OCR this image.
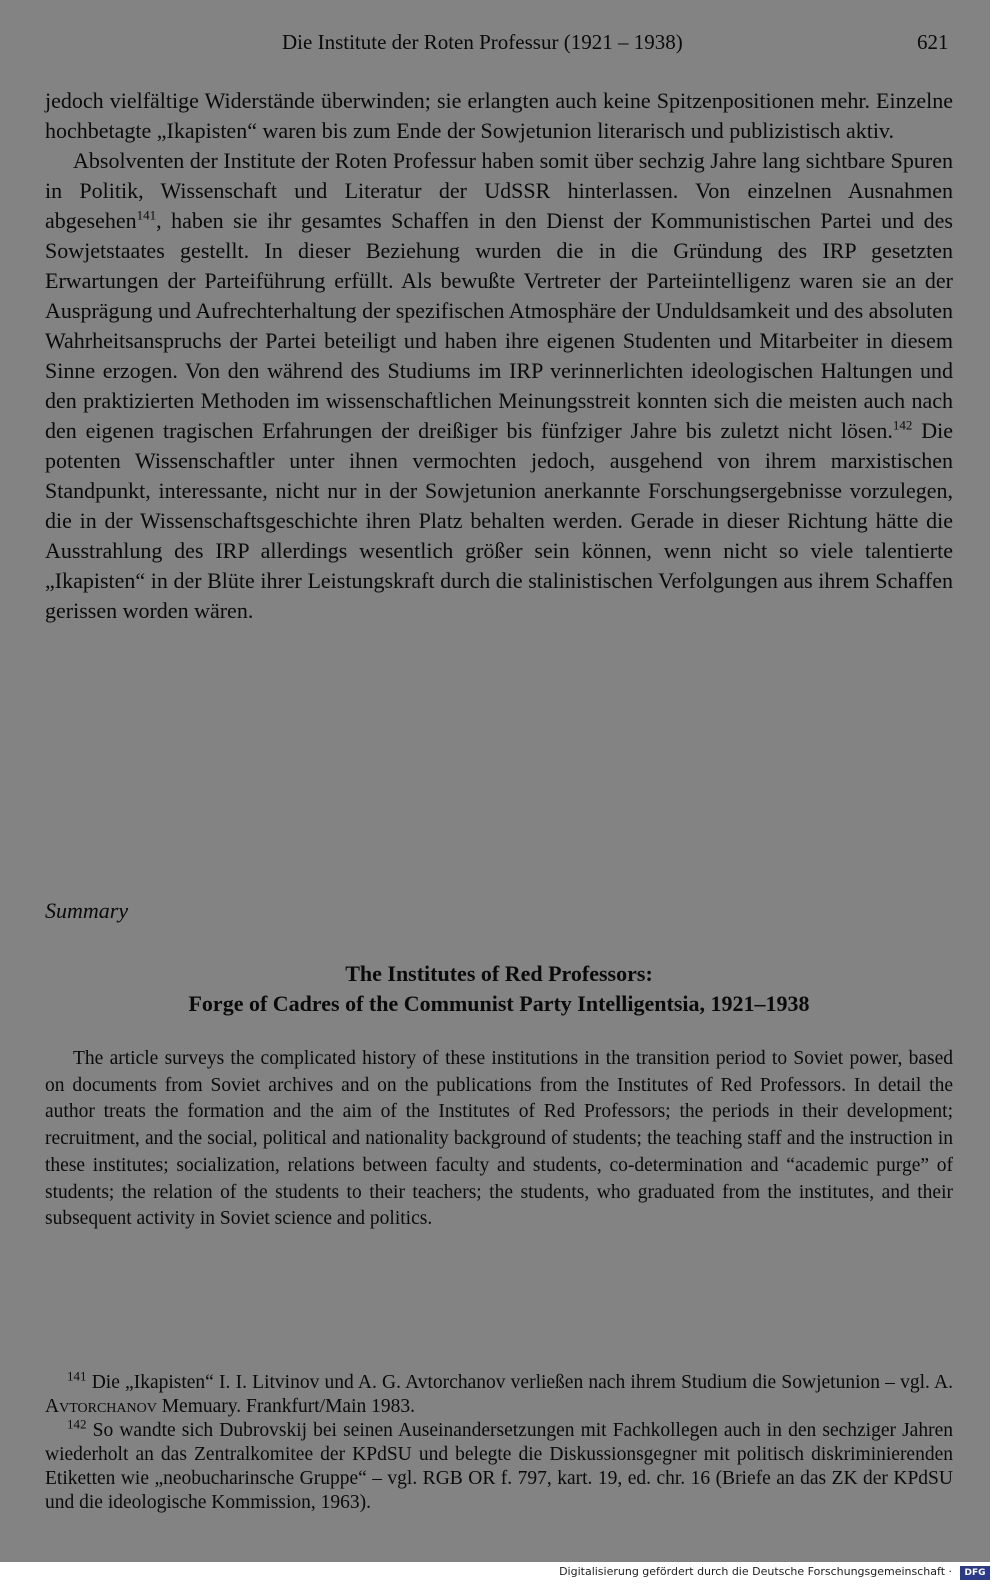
Die Institute der Roten Professur (1921 – 1938)	621

jedoch vielfältige Widerstände überwinden; sie erlangten auch keine Spitzenpositionen mehr. Einzelne hochbetagte „Ikapisten“ waren bis zum Ende der Sowjetunion literarisch und publizistisch aktiv.

Absolventen der Institute der Roten Professur haben somit über sechzig Jahre lang sichtbare Spuren in Politik, Wissenschaft und Literatur der UdSSR hinterlassen. Von einzelnen Ausnahmen abgesehen$^{141}$, haben sie ihr gesamtes Schaffen in den Dienst der Kommunistischen Partei und des Sowjetstaates gestellt. In dieser Beziehung wurden die in die Gründung des IRP gesetzten Erwartungen der Parteiführung erfüllt. Als bewußte Vertreter der Parteiintelligenz waren sie an der Ausprägung und Aufrechterhaltung der spezifischen Atmosphäre der Unduldsamkeit und des absoluten Wahrheitsanspruchs der Partei beteiligt und haben ihre eigenen Studenten und Mitarbeiter in diesem Sinne erzogen. Von den während des Studiums im IRP verinnerlichten ideologischen Haltungen und den praktizierten Methoden im wissenschaftlichen Meinungsstreit konnten sich die meisten auch nach den eigenen tragischen Erfahrungen der dreißiger bis fünfziger Jahre bis zuletzt nicht lösen.$^{142}$ Die potenten Wissenschaftler unter ihnen vermochten jedoch, ausgehend von ihrem marxistischen Standpunkt, interessante, nicht nur in der Sowjetunion anerkannte Forschungsergebnisse vorzulegen, die in der Wissenschaftsgeschichte ihren Platz behalten werden. Gerade in dieser Richtung hätte die Ausstrahlung des IRP allerdings wesentlich größer sein können, wenn nicht so viele talentierte „Ikapisten“ in der Blüte ihrer Leistungskraft durch die stalinistischen Verfolgungen aus ihrem Schaffen gerissen worden wären.

Summary
The Institutes of Red Professors:
Forge of Cadres of the Communist Party Intelligentsia, 1921–1938

The article surveys the complicated history of these institutions in the transition period to Soviet power, based on documents from Soviet archives and on the publications from the Institutes of Red Professors. In detail the author treats the formation and the aim of the Institutes of Red Professors; the periods in their development; recruitment, and the social, political and nationality background of students; the teaching staff and the instruction in these institutes; socialization, relations between faculty and students, co-determination and “academic purge” of students; the relation of the students to their teachers; the students, who graduated from the institutes, and their subsequent activity in Soviet science and politics.

$^{141}$ Die „Ikapisten“ I. I. Litvinov und A. G. Avtorchanov verließen nach ihrem Studium die Sowjetunion – vgl. A. Avtorchanov Memuary. Frankfurt/Main 1983.

$^{142}$ So wandte sich Dubrovskij bei seinen Auseinandersetzungen mit Fachkollegen auch in den sechziger Jahren wiederholt an das Zentralkomitee der KPdSU und belegte die Diskussionsgegner mit politisch diskriminierenden Etiketten wie „neobucharinsche Gruppe“ – vgl. RGB OR f. 797, kart. 19, ed. chr. 16 (Briefe an das ZK der KPdSU und die ideologische Kommission, 1963).

Digitalisierung gefördert durch die Deutsche Forschungsgemeinschaft ·	DFG
